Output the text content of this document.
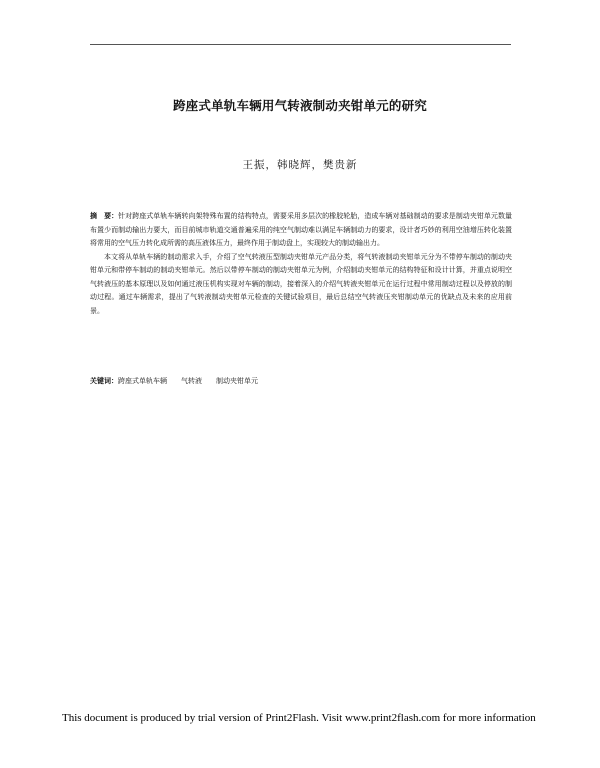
跨座式单轨车辆用气转液制动夹钳单元的研究
王振，韩晓辉，樊贵新

摘　要：针对跨座式单轨车辆转向架特殊布置的结构特点，需要采用多层次的橡胶轮胎，造成车辆对基础制动的要求是制动夹钳单元数量布置少而制动输出力要大，而目前城市轨道交通普遍采用的纯空气制动难以满足车辆制动力的要求，设计者巧妙的利用空油增压转化装置将常用的空气压力转化成所需的高压液体压力，最终作用于制动盘上，实现较大的制动输出力。

本文将从单轨车辆的制动需求入手，介绍了空气转液压型制动夹钳单元产品分类，将气转液制动夹钳单元分为不带停车制动的制动夹钳单元和带停车制动的制动夹钳单元。然后以带停车制动的制动夹钳单元为例，介绍制动夹钳单元的结构特征和设计计算，并重点说明空气转液压的基本原理以及如何通过液压机构实现对车辆的制动，接着深入的介绍气转液夹钳单元在运行过程中常用制动过程以及停放的制动过程。通过车辆需求，提出了气转液制动夹钳单元检查的关键试验项目，最后总结空气转液压夹钳制动单元的优缺点及未来的应用前景。

关键词：跨座式单轨车辆 气转液 制动夹钳单元
This document is produced by trial version of Print2Flash. Visit www.print2flash.com for more information
